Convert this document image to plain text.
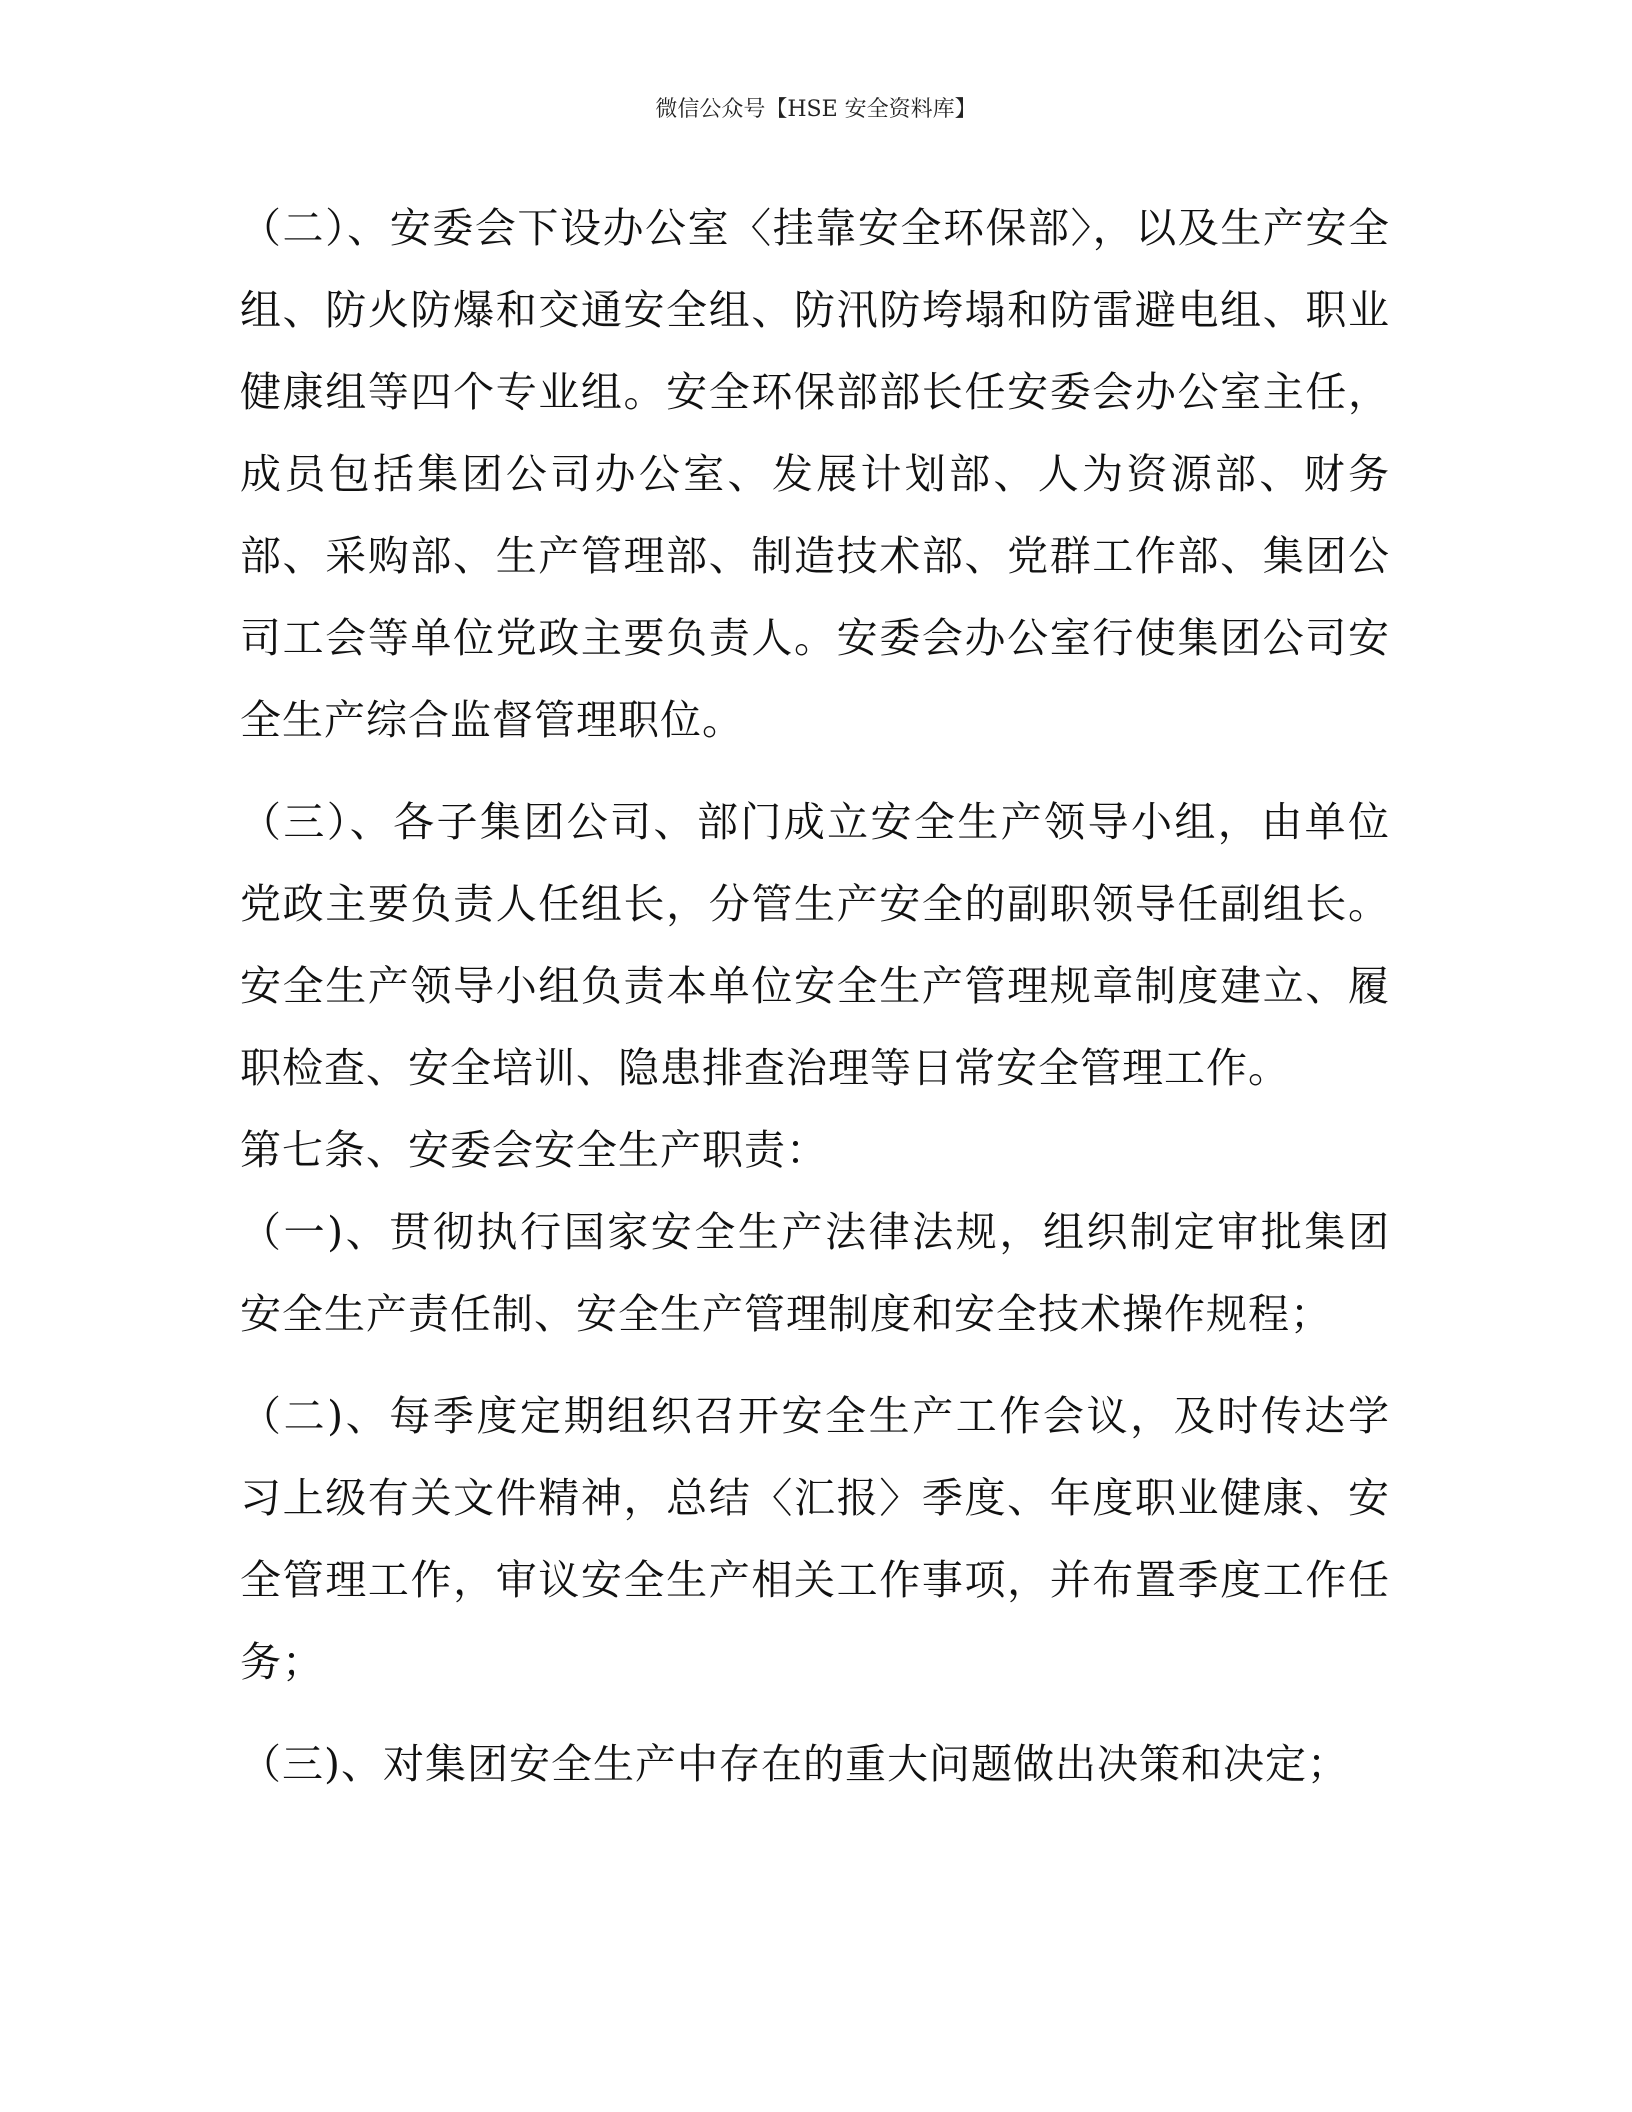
微信公众号【HSE 安全资料库】

（二）、安委会下设办公室〈挂靠安全环保部〉，以及生产安全组、防火防爆和交通安全组、防汛防垮塌和防雷避电组、职业健康组等四个专业组。安全环保部部长任安委会办公室主任，成员包括集团公司办公室、发展计划部、人为资源部、财务部、采购部、生产管理部、制造技术部、党群工作部、集团公司工会等单位党政主要负责人。安委会办公室行使集团公司安全生产综合监督管理职位。

（三）、各子集团公司、部门成立安全生产领导小组，由单位党政主要负责人任组长，分管生产安全的副职领导任副组长。安全生产领导小组负责本单位安全生产管理规章制度建立、履职检查、安全培训、隐患排查治理等日常安全管理工作。

第七条、安委会安全生产职责：

（一)、贯彻执行国家安全生产法律法规，组织制定审批集团安全生产责任制、安全生产管理制度和安全技术操作规程；

（二)、每季度定期组织召开安全生产工作会议，及时传达学习上级有关文件精神，总结〈汇报〉季度、年度职业健康、安全管理工作，审议安全生产相关工作事项，并布置季度工作任务；

（三)、对集团安全生产中存在的重大问题做出决策和决定；
